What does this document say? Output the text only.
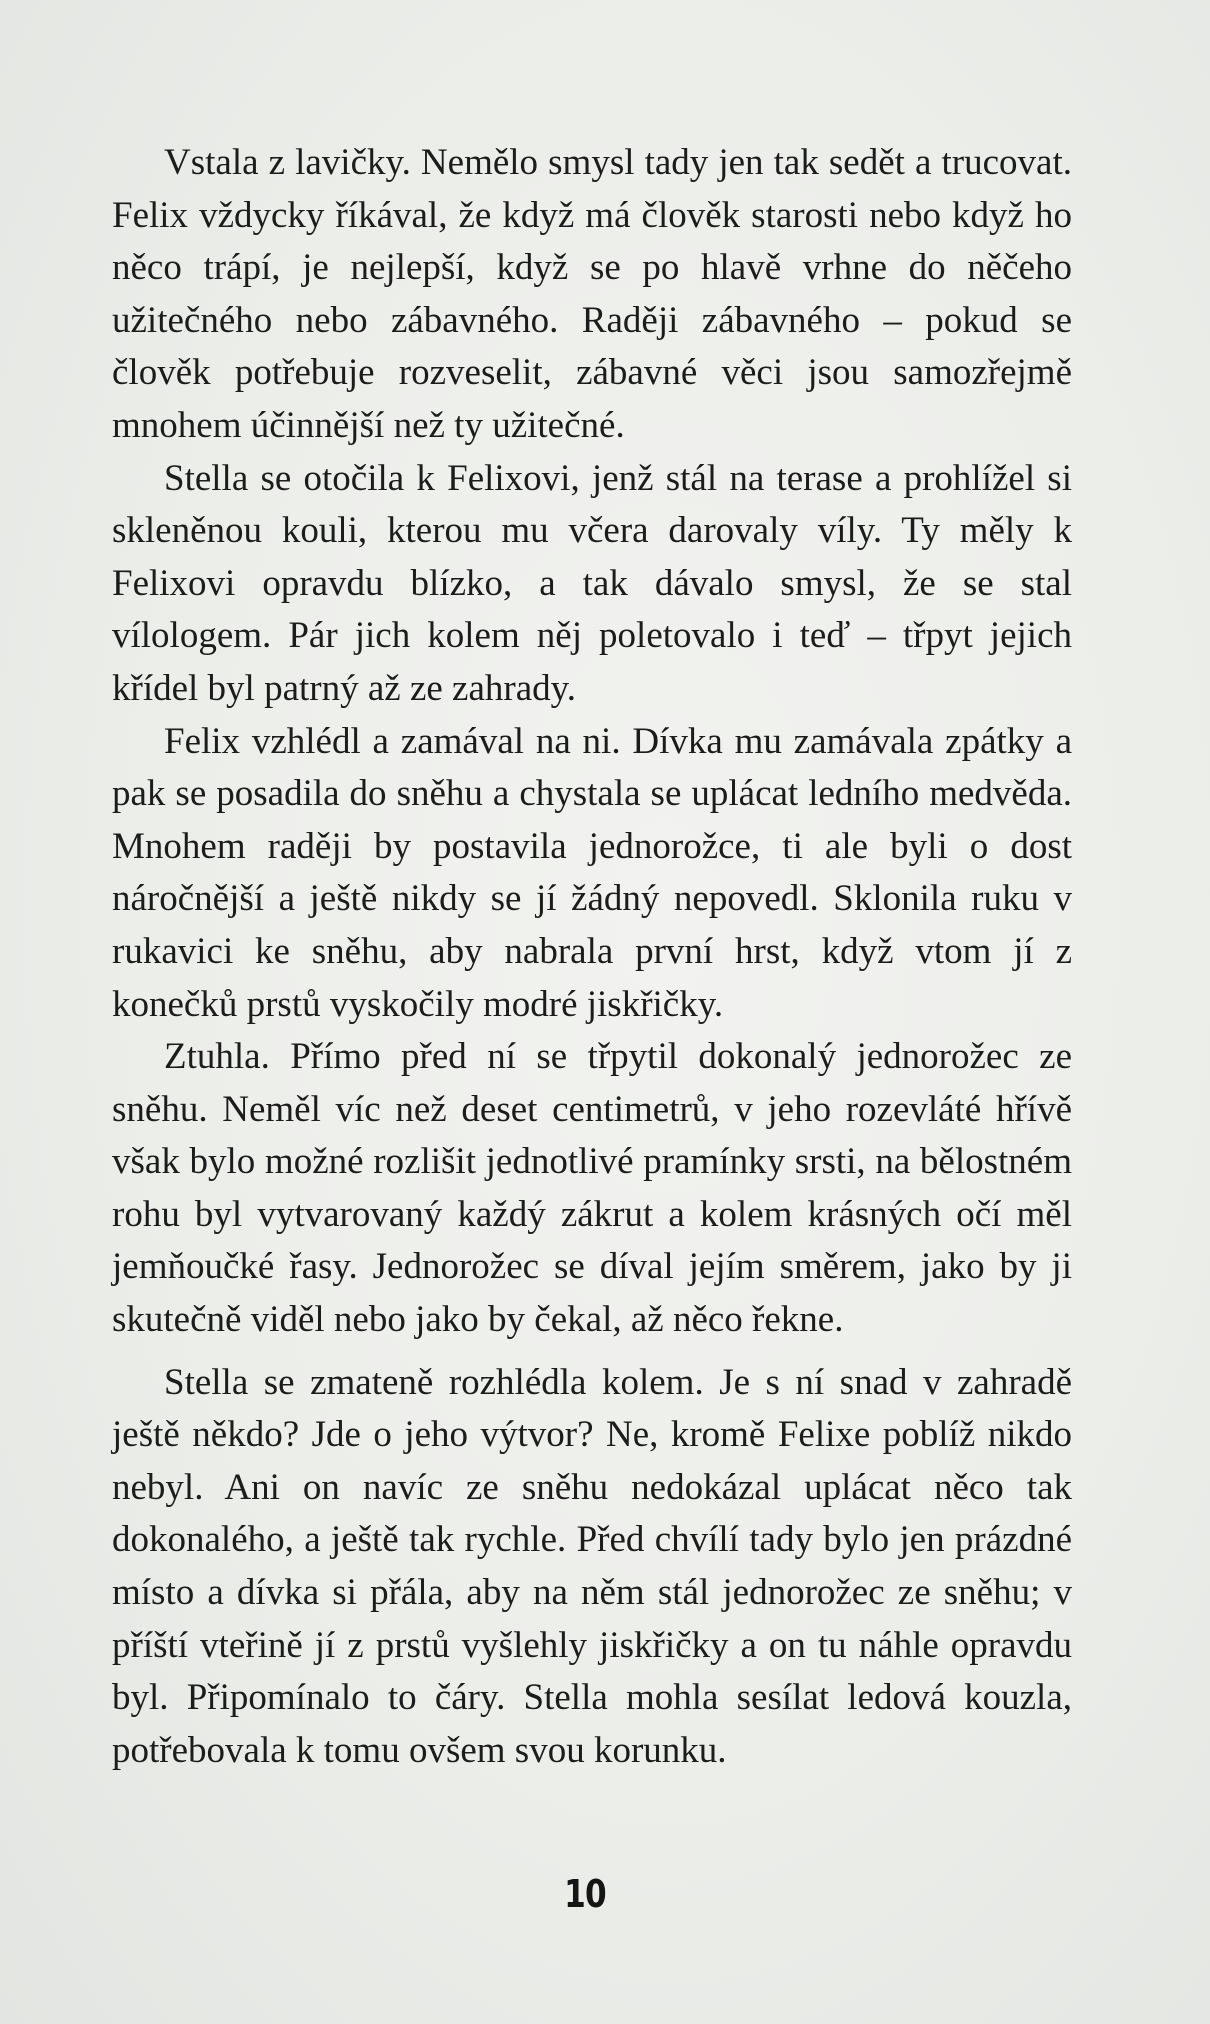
Vstala z lavičky. Nemělo smysl tady jen tak sedět a trucovat. Felix vždycky říkával, že když má člověk starosti nebo když ho něco trápí, je nejlepší, když se po hlavě vrhne do něčeho užitečného nebo zábavného. Raději zábavného – pokud se člověk potřebuje rozveselit, zábavné věci jsou samozřejmě mnohem účinnější než ty užitečné.

Stella se otočila k Felixovi, jenž stál na terase a prohlížel si skleněnou kouli, kterou mu včera darovaly víly. Ty měly k Felixovi opravdu blízko, a tak dávalo smysl, že se stal vílologem. Pár jich kolem něj poletovalo i teď – třpyt jejich křídel byl patrný až ze zahrady.

Felix vzhlédl a zamával na ni. Dívka mu zamávala zpátky a pak se posadila do sněhu a chystala se uplácat ledního medvěda. Mnohem raději by postavila jednorožce, ti ale byli o dost náročnější a ještě nikdy se jí žádný nepovedl. Sklonila ruku v rukavici ke sněhu, aby nabrala první hrst, když vtom jí z konečků prstů vyskočily modré jiskřičky.

Ztuhla. Přímo před ní se třpytil dokonalý jednorožec ze sněhu. Neměl víc než deset centimetrů, v jeho rozevláté hřívě však bylo možné rozlišit jednotlivé pramínky srsti, na bělostném rohu byl vytvarovaný každý zákrut a kolem krásných očí měl jemňoučké řasy. Jednorožec se díval jejím směrem, jako by ji skutečně viděl nebo jako by čekal, až něco řekne.

Stella se zmateně rozhlédla kolem. Je s ní snad v zahradě ještě někdo? Jde o jeho výtvor? Ne, kromě Felixe poblíž nikdo nebyl. Ani on navíc ze sněhu nedokázal uplácat něco tak dokonalého, a ještě tak rychle. Před chvílí tady bylo jen prázdné místo a dívka si přála, aby na něm stál jednorožec ze sněhu; v příští vteřině jí z prstů vyšlehly jiskřičky a on tu náhle opravdu byl. Připomínalo to čáry. Stella mohla sesílat ledová kouzla, potřebovala k tomu ovšem svou korunku.

10
